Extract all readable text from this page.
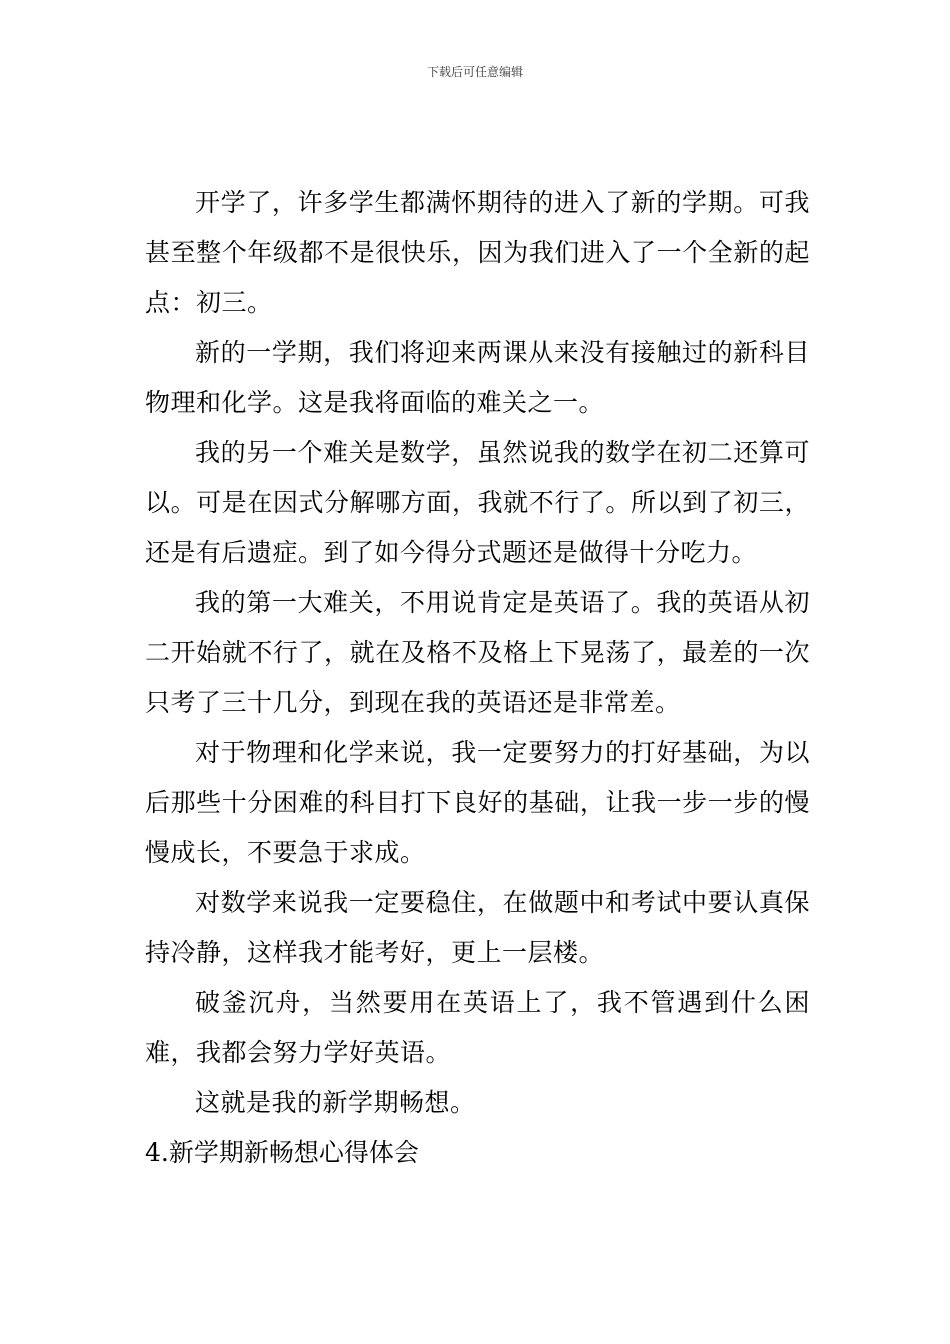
下载后可任意编辑

开学了，许多学生都满怀期待的进入了新的学期。可我甚至整个年级都不是很快乐，因为我们进入了一个全新的起点：初三。

新的一学期，我们将迎来两课从来没有接触过的新科目物理和化学。这是我将面临的难关之一。

我的另一个难关是数学，虽然说我的数学在初二还算可以。可是在因式分解哪方面，我就不行了。所以到了初三，还是有后遗症。到了如今得分式题还是做得十分吃力。

我的第一大难关，不用说肯定是英语了。我的英语从初二开始就不行了，就在及格不及格上下晃荡了，最差的一次只考了三十几分，到现在我的英语还是非常差。

对于物理和化学来说，我一定要努力的打好基础，为以后那些十分困难的科目打下良好的基础，让我一步一步的慢慢成长，不要急于求成。

对数学来说我一定要稳住，在做题中和考试中要认真保持冷静，这样我才能考好，更上一层楼。

破釜沉舟，当然要用在英语上了，我不管遇到什么困难，我都会努力学好英语。

这就是我的新学期畅想。

4.新学期新畅想心得体会
